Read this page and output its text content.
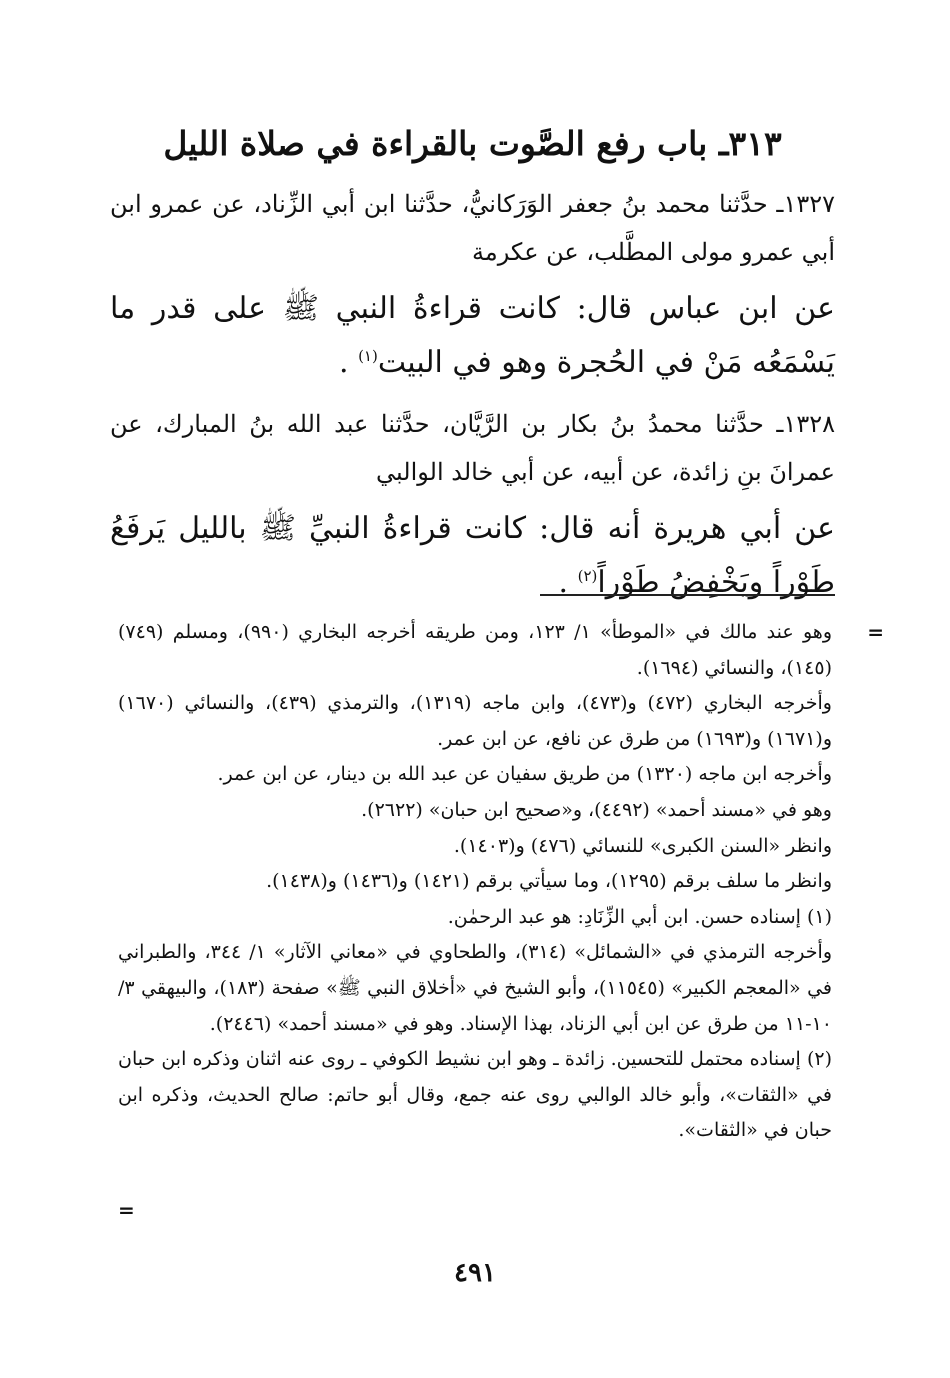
٣١٣ـ باب رفع الصَّوت بالقراءة في صلاة الليل

١٣٢٧ـ حدَّثنا محمد بنُ جعفر الوَرَكانيُّ، حدَّثنا ابن أبي الزِّناد، عن عمرو ابن أبي عمرو مولى المطَّلب، عن عكرمة

عن ابن عباس قال: كانت قراءةُ النبي ﷺ على قدر ما يَسْمَعُه مَنْ في الحُجرة وهو في البيت$^{(١)}$ .

١٣٢٨ـ حدَّثنا محمدُ بنُ بكار بن الرَّيَّان، حدَّثنا عبد الله بنُ المبارك، عن عمرانَ بنِ زائدة، عن أبيه، عن أبي خالد الوالبي

عن أبي هريرة أنه قال: كانت قراءةُ النبيِّ ﷺ بالليل يَرفَعُ طَوْراً ويَخْفِضُ طَوْراً$^{(٢)}$ .

=
وهو عند مالك في «الموطأ» ١/ ١٢٣، ومن طريقه أخرجه البخاري (٩٩٠)، ومسلم (٧٤٩) (١٤٥)، والنسائي (١٦٩٤).

وأخرجه البخاري (٤٧٢) و(٤٧٣)، وابن ماجه (١٣١٩)، والترمذي (٤٣٩)، والنسائي (١٦٧٠) و(١٦٧١) و(١٦٩٣) من طرق عن نافع، عن ابن عمر.

وأخرجه ابن ماجه (١٣٢٠) من طريق سفيان عن عبد الله بن دينار، عن ابن عمر.

وهو في «مسند أحمد» (٤٤٩٢)، و«صحيح ابن حبان» (٢٦٢٢).

وانظر «السنن الكبرى» للنسائي (٤٧٦) و(١٤٠٣).

وانظر ما سلف برقم (١٢٩٥)، وما سيأتي برقم (١٤٢١) و(١٤٣٦) و(١٤٣٨).

(١) إسناده حسن. ابن أبي الزِّنَادِ: هو عبد الرحمٰن.

وأخرجه الترمذي في «الشمائل» (٣١٤)، والطحاوي في «معاني الآثار» ١/ ٣٤٤، والطبراني في «المعجم الكبير» (١١٥٤٥)، وأبو الشيخ في «أخلاق النبي ﷺ» صفحة (١٨٣)، والبيهقي ٣/ ١٠-١١ من طرق عن ابن أبي الزناد، بهذا الإسناد. وهو في «مسند أحمد» (٢٤٤٦).

(٢) إسناده محتمل للتحسين. زائدة ـ وهو ابن نشيط الكوفي ـ روى عنه اثنان وذكره ابن حبان في «الثقات»، وأبو خالد الوالبي روى عنه جمع، وقال أبو حاتم: صالح الحديث، وذكره ابن حبان في «الثقات».

=
٤٩١
